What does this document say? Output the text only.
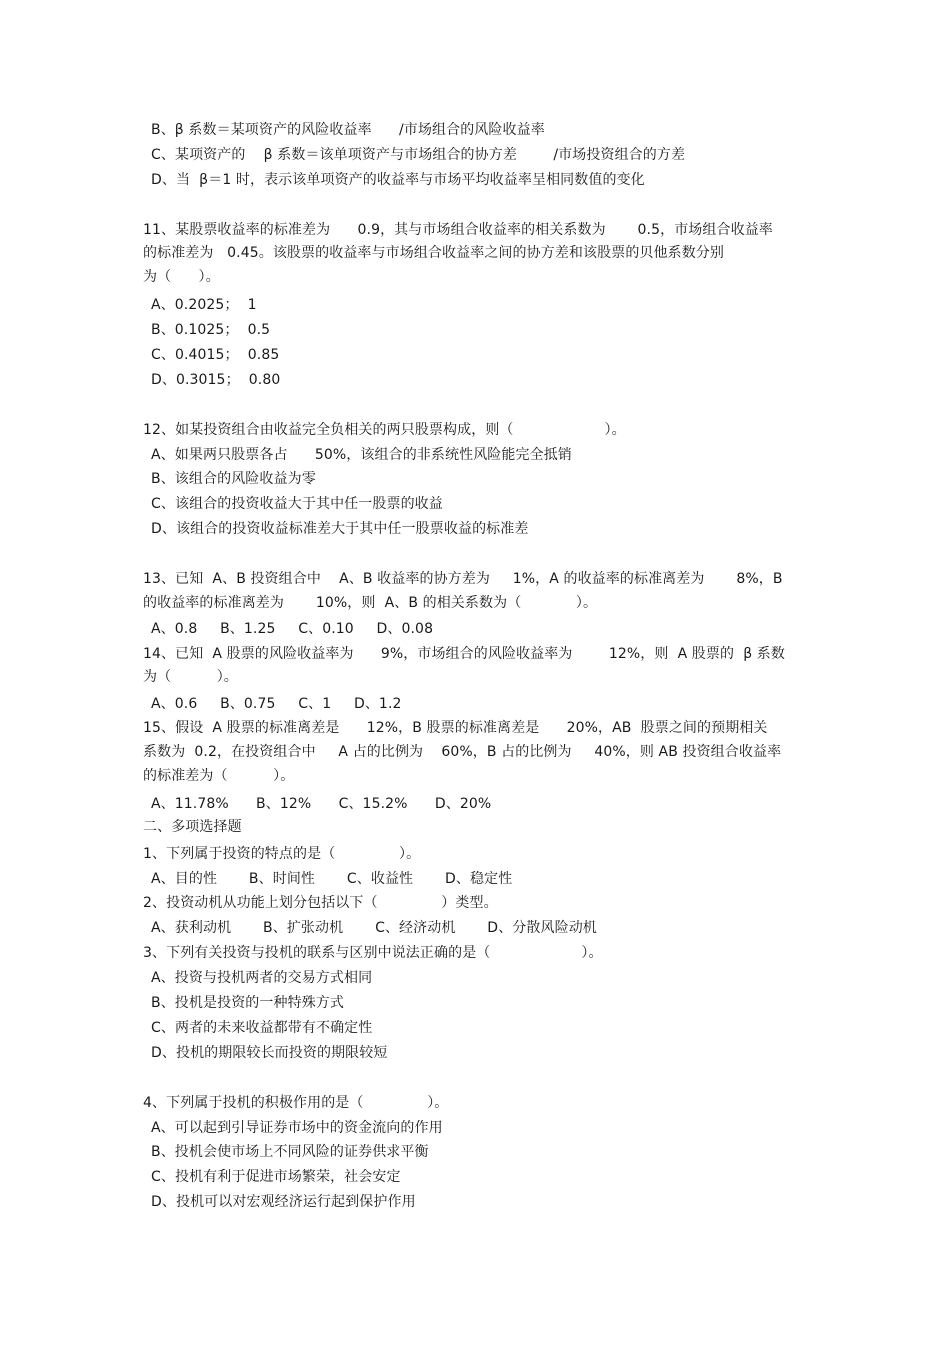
B、β 系数＝某项资产的风险收益率      /市场组合的风险收益率
C、某项资产的    β 系数＝该单项资产与市场组合的协方差        /市场投资组合的方差
D、当  β＝1 时，表示该单项资产的收益率与市场平均收益率呈相同数值的变化
11、某股票收益率的标准差为      0.9，其与市场组合收益率的相关系数为       0.5，市场组合收益率
的标准差为   0.45。该股票的收益率与市场组合收益率之间的协方差和该股票的贝他系数分别
为（      ）。
A、0.2025；  1
B、0.1025；  0.5
C、0.4015；  0.85
D、0.3015；  0.80
12、如某投资组合由收益完全负相关的两只股票构成，则（                    ）。
A、如果两只股票各占      50%，该组合的非系统性风险能完全抵销
B、该组合的风险收益为零
C、该组合的投资收益大于其中任一股票的收益
D、该组合的投资收益标准差大于其中任一股票收益的标准差
13、已知  A、B 投资组合中    A、B 收益率的协方差为     1%，A 的收益率的标准离差为       8%，B
的收益率的标准离差为       10%，则  A、B 的相关系数为（            ）。
A、0.8     B、1.25     C、0.10     D、0.08
14、已知  A 股票的风险收益率为      9%，市场组合的风险收益率为        12%，则  A 股票的  β 系数
为（          ）。
A、0.6     B、0.75     C、1     D、1.2
15、假设  A 股票的标准离差是      12%，B 股票的标准离差是      20%，AB  股票之间的预期相关
系数为  0.2，在投资组合中     A 占的比例为    60%，B 占的比例为     40%，则 AB 投资组合收益率
的标准差为（          ）。
A、11.78%      B、12%      C、15.2%      D、20%
二、多项选择题
1、下列属于投资的特点的是（              ）。
A、目的性       B、时间性       C、收益性       D、稳定性
2、投资动机从功能上划分包括以下（              ）类型。
A、获利动机       B、扩张动机       C、经济动机       D、分散风险动机
3、下列有关投资与投机的联系与区别中说法正确的是（                    ）。
A、投资与投机两者的交易方式相同
B、投机是投资的一种特殊方式
C、两者的未来收益都带有不确定性
D、投机的期限较长而投资的期限较短
4、下列属于投机的积极作用的是（              ）。
A、可以起到引导证券市场中的资金流向的作用
B、投机会使市场上不同风险的证券供求平衡
C、投机有利于促进市场繁荣，社会安定
D、投机可以对宏观经济运行起到保护作用
